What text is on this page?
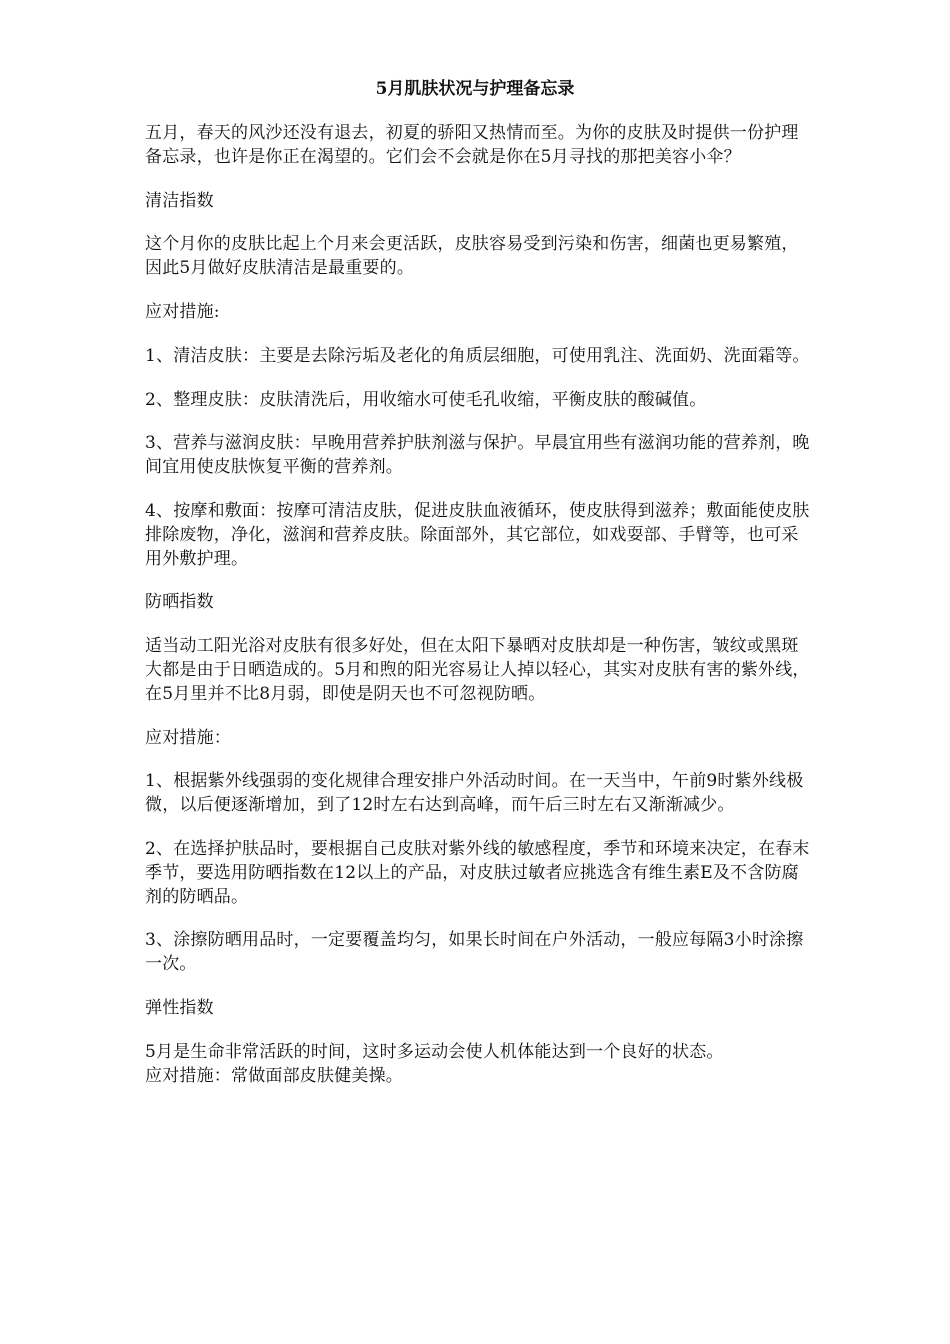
5月肌肤状况与护理备忘录

五月，春天的风沙还没有退去，初夏的骄阳又热情而至。为你的皮肤及时提供一份护理备忘录，也许是你正在渴望的。它们会不会就是你在5月寻找的那把美容小伞？

清洁指数

这个月你的皮肤比起上个月来会更活跃，皮肤容易受到污染和伤害，细菌也更易繁殖，因此5月做好皮肤清洁是最重要的。

应对措施:

1、清洁皮肤：主要是去除污垢及老化的角质层细胞，可使用乳注、洗面奶、洗面霜等。

2、整理皮肤：皮肤清洗后，用收缩水可使毛孔收缩，平衡皮肤的酸碱值。

3、营养与滋润皮肤：早晚用营养护肤剂滋与保护。早晨宜用些有滋润功能的营养剂，晚间宜用使皮肤恢复平衡的营养剂。

4、按摩和敷面：按摩可清洁皮肤，促进皮肤血液循环，使皮肤得到滋养；敷面能使皮肤排除废物，净化，滋润和营养皮肤。除面部外，其它部位，如戏耍部、手臂等，也可采用外敷护理。

防晒指数

适当动工阳光浴对皮肤有很多好处，但在太阳下暴晒对皮肤却是一种伤害，皱纹或黑斑大都是由于日晒造成的。5月和煦的阳光容易让人掉以轻心，其实对皮肤有害的紫外线，在5月里并不比8月弱，即使是阴天也不可忽视防晒。

应对措施：

1、根据紫外线强弱的变化规律合理安排户外活动时间。在一天当中，午前9时紫外线极微，以后便逐渐增加，到了12时左右达到高峰，而午后三时左右又渐渐减少。

2、在选择护肤品时，要根据自己皮肤对紫外线的敏感程度，季节和环境来决定，在春末季节，要选用防晒指数在12以上的产品，对皮肤过敏者应挑选含有维生素E及不含防腐剂的防晒品。

3、涂擦防晒用品时，一定要覆盖均匀，如果长时间在户外活动，一般应每隔3小时涂擦一次。

弹性指数

5月是生命非常活跃的时间，这时多运动会使人机体能达到一个良好的状态。

应对措施：常做面部皮肤健美操。
